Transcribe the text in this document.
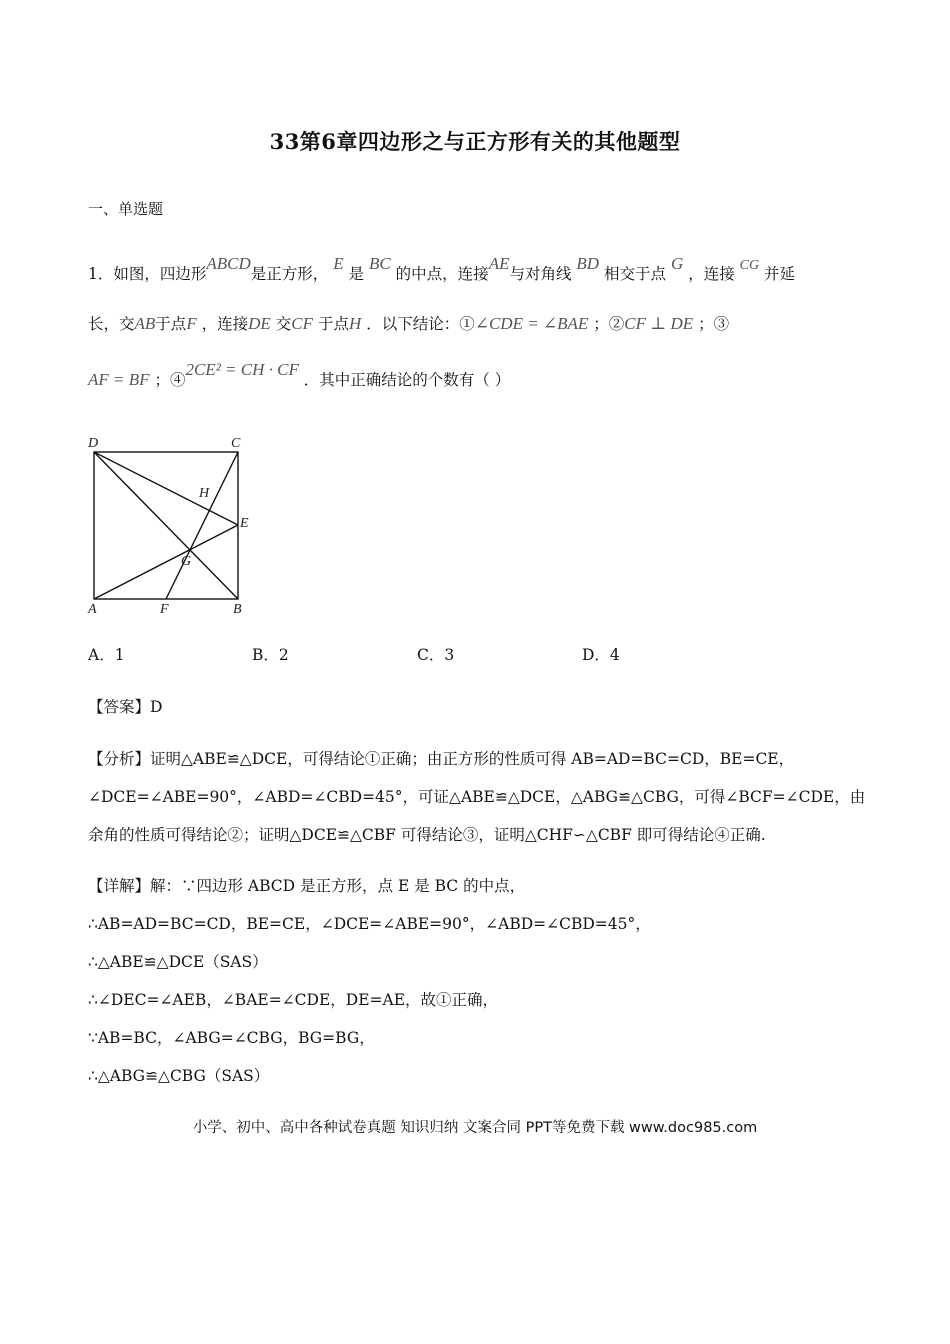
33第6章四边形之与正方形有关的其他题型
一、单选题
1．如图，四边形ABCD是正方形， E 是 BC 的中点，连接AE与对角线 BD 相交于点 G ，连接 CG 并延
长，交AB于点F ，连接DE 交CF 于点H ．以下结论：①∠CDE = ∠BAE ；②CF ⊥ DE ；③
AF = BF ；④2CE² = CH · CF ．其中正确结论的个数有（ ）
D	C
H
E
G
A	F	B
A．1	B．2	C．3	D．4
【答案】D
【分析】证明△ABE≌△DCE，可得结论①正确；由正方形的性质可得 AB=AD=BC=CD，BE=CE，
∠DCE=∠ABE=90°，∠ABD=∠CBD=45°，可证△ABE≌△DCE，△ABG≌△CBG，可得∠BCF=∠CDE，由
余角的性质可得结论②；证明△DCE≌△CBF 可得结论③，证明△CHF∽△CBF 即可得结论④正确.
【详解】解：∵四边形 ABCD 是正方形，点 E 是 BC 的中点，
∴AB=AD=BC=CD，BE=CE，∠DCE=∠ABE=90°，∠ABD=∠CBD=45°，
∴△ABE≌△DCE（SAS）
∴∠DEC=∠AEB，∠BAE=∠CDE，DE=AE，故①正确，
∵AB=BC，∠ABG=∠CBG，BG=BG，
∴△ABG≌△CBG（SAS）
小学、初中、高中各种试卷真题 知识归纳 文案合同 PPT等免费下载 www.doc985.com
